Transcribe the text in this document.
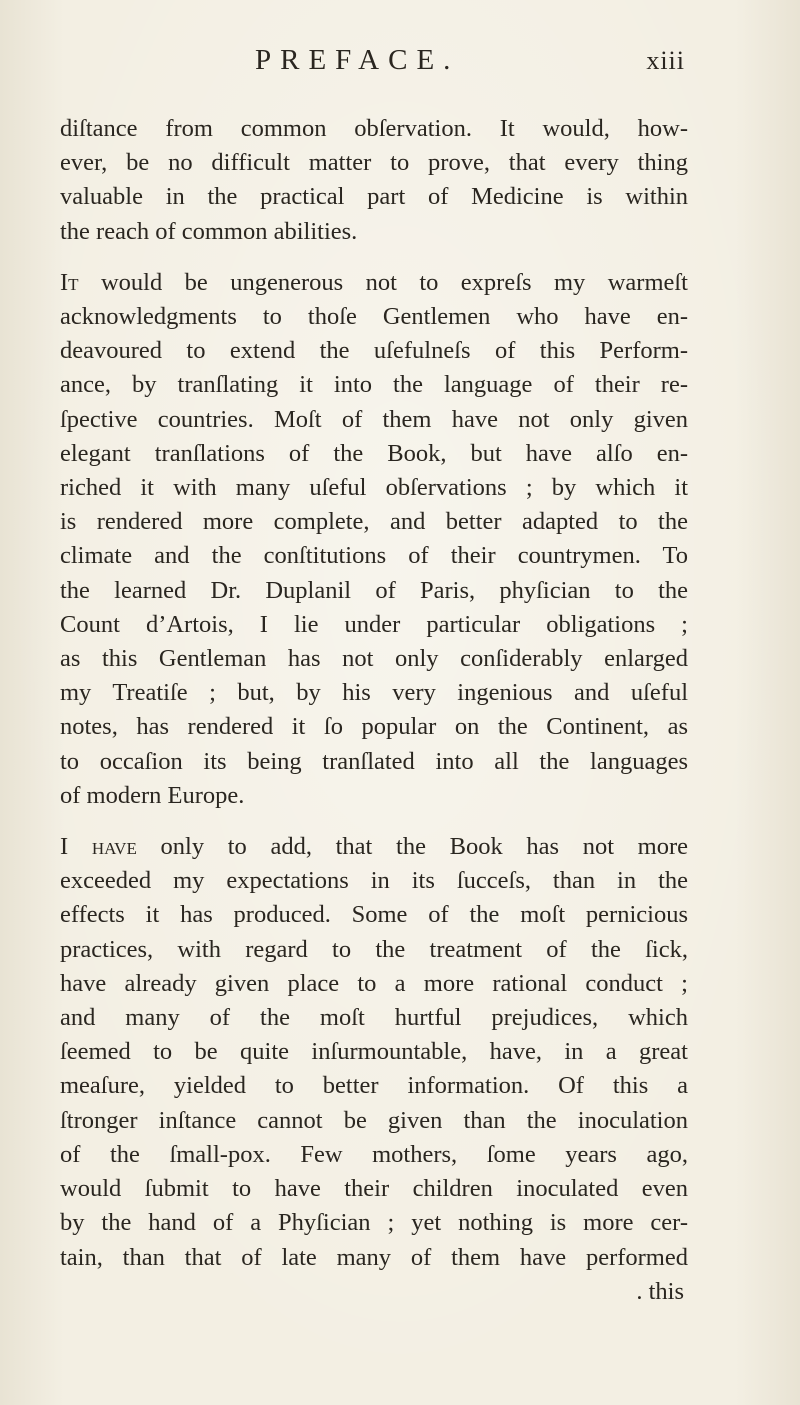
PREFACE.	xiii

diſtance from common obſervation. It would, how-
ever, be no difficult matter to prove, that every thing
valuable in the practical part of Medicine is within
the reach of common abilities.

It would be ungenerous not to expreſs my warmeſt
acknowledgments to thoſe Gentlemen who have en-
deavoured to extend the uſefulneſs of this Perform-
ance, by tranſlating it into the language of their re-
ſpective countries. Moſt of them have not only given
elegant tranſlations of the Book, but have alſo en-
riched it with many uſeful obſervations ; by which it
is rendered more complete, and better adapted to the
climate and the conſtitutions of their countrymen. To
the learned Dr. Duplanil of Paris, phyſician to the
Count d’Artois, I lie under particular obligations ;
as this Gentleman has not only conſiderably enlarged
my Treatiſe ; but, by his very ingenious and uſeful
notes, has rendered it ſo popular on the Continent, as
to occaſion its being tranſlated into all the languages
of modern Europe.

I have only to add, that the Book has not more
exceeded my expectations in its ſucceſs, than in the
effects it has produced. Some of the moſt pernicious
practices, with regard to the treatment of the ſick,
have already given place to a more rational conduct ;
and many of the moſt hurtful prejudices, which
ſeemed to be quite inſurmountable, have, in a great
meaſure, yielded to better information. Of this a
ſtronger inſtance cannot be given than the inoculation
of the ſmall-pox. Few mothers, ſome years ago,
would ſubmit to have their children inoculated even
by the hand of a Phyſician ; yet nothing is more cer-
tain, than that of late many of them have performed
. this
